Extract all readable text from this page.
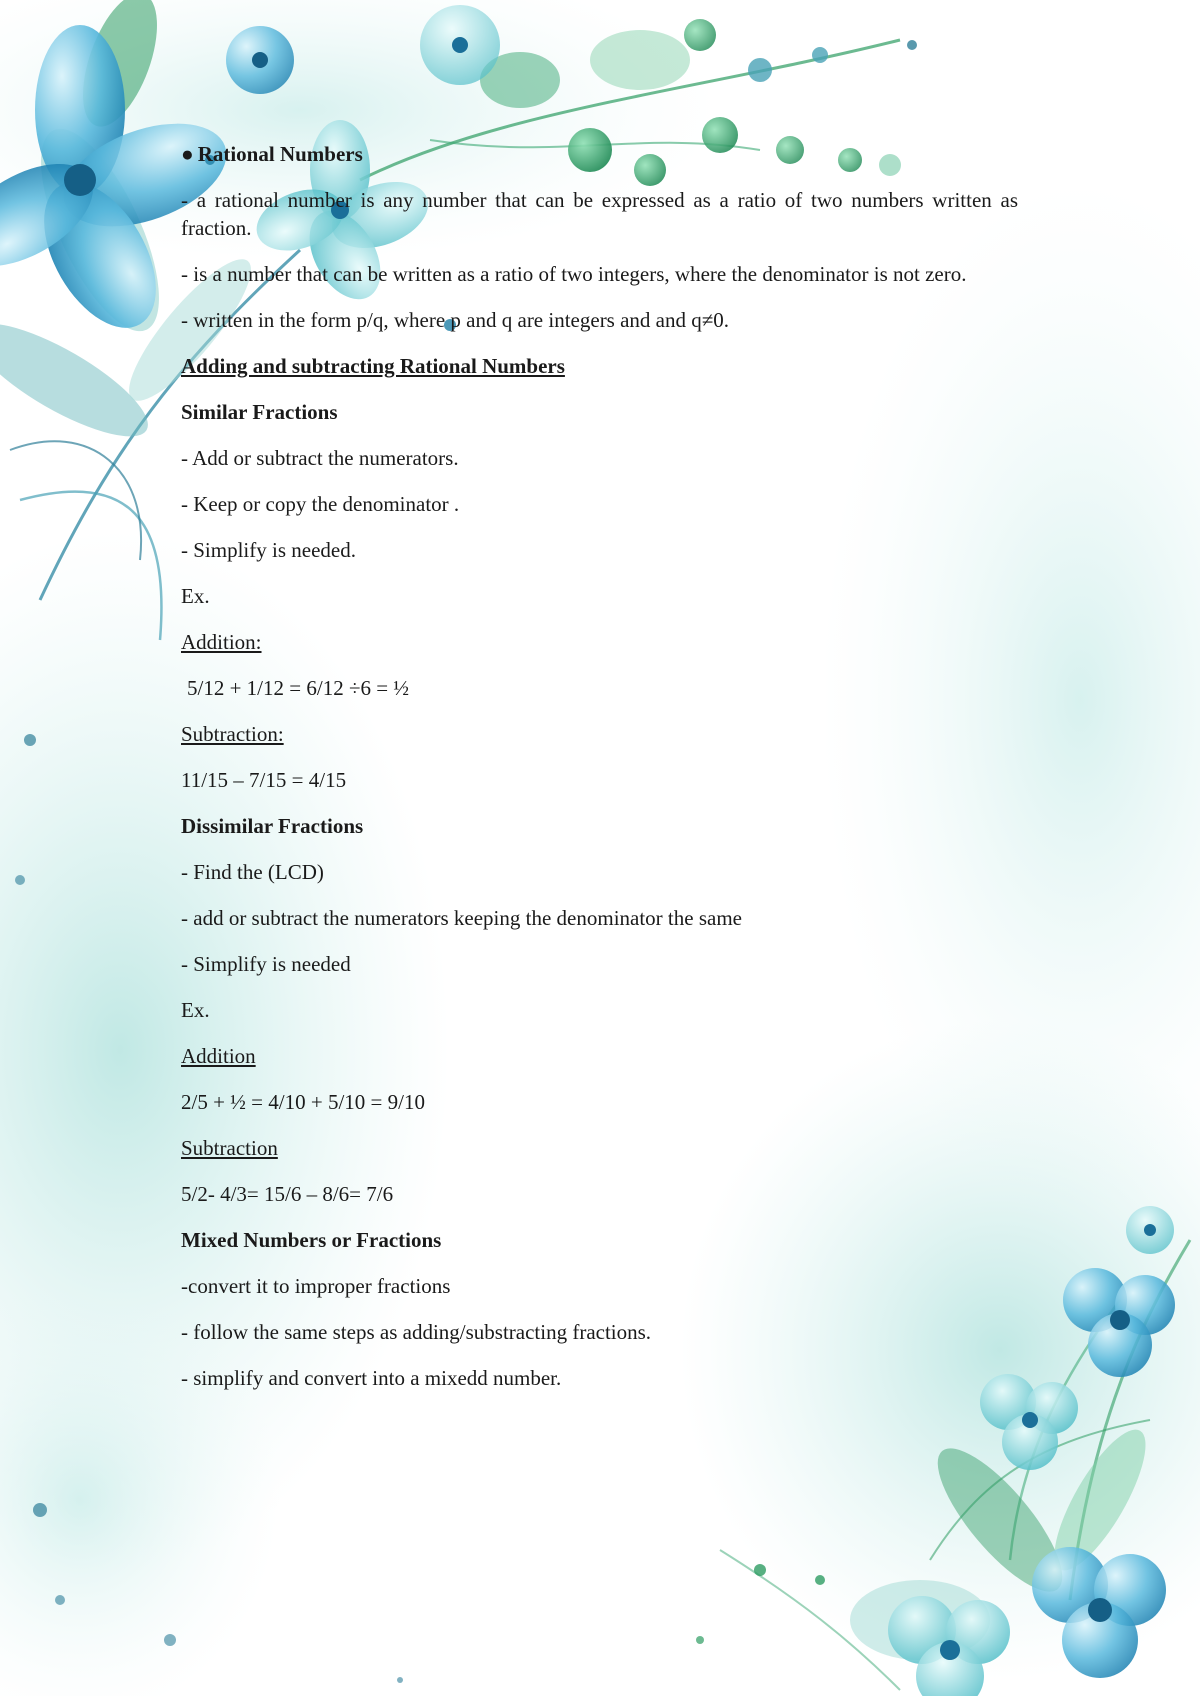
● Rational Numbers

- a rational number is any number that can be expressed as a ratio of two numbers written as fraction.

- is a number that can be written as a ratio of two integers, where the denominator is not zero.

- written in the form p/q, where p and q are integers and and q≠0.

Adding and subtracting Rational Numbers

Similar Fractions

- Add or subtract the numerators.

- Keep or copy the denominator .

- Simplify is needed.

Ex.

Addition:

5/12 + 1/12 = 6/12 ÷6 = ½

Subtraction:

11/15 – 7/15 = 4/15

Dissimilar Fractions

- Find the (LCD)

- add or subtract the numerators keeping the denominator the same

- Simplify is needed

Ex.

Addition

2/5 + ½ = 4/10 + 5/10 = 9/10

Subtraction

5/2- 4/3= 15/6 – 8/6= 7/6

Mixed Numbers or Fractions

-convert it to improper fractions

- follow the same steps as adding/substracting fractions.

- simplify and convert into a mixedd number.
